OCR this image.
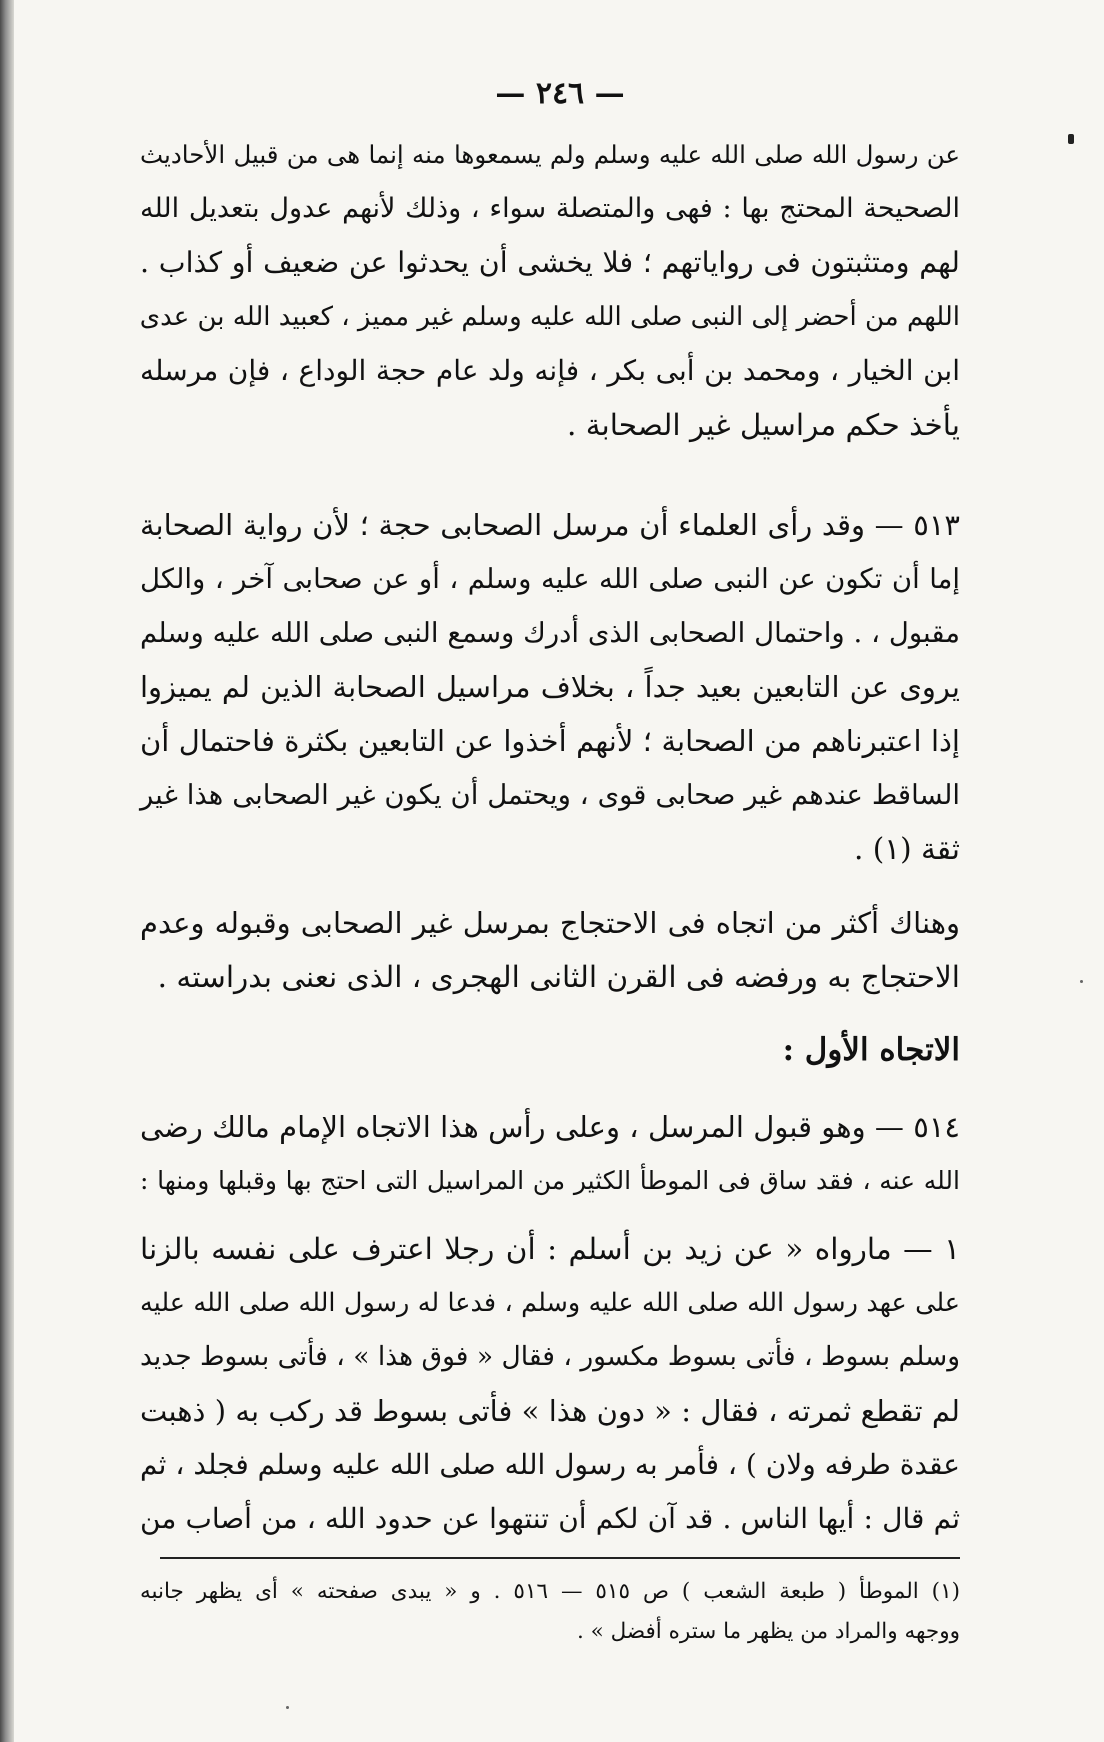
— ٢٤٦ —
عن رسول الله صلى الله عليه وسلم ولم يسمعوها منه إنما هى من قبيل الأحاديث
الصحيحة المحتج بها : فهى والمتصلة سواء ، وذلك لأنهم عدول بتعديل الله
لهم ومتثبتون فى رواياتهم ؛ فلا يخشى أن يحدثوا عن ضعيف أو كذاب .
اللهم من أحضر إلى النبى صلى الله عليه وسلم غير مميز ، كعبيد الله بن عدى
ابن الخيار ، ومحمد بن أبى بكر ، فإنه ولد عام حجة الوداع ، فإن مرسله
يأخذ حكم مراسيل غير الصحابة .
٥١٣ — وقد رأى العلماء أن مرسل الصحابى حجة ؛ لأن رواية الصحابة
إما أن تكون عن النبى صلى الله عليه وسلم ، أو عن صحابى آخر ، والكل
مقبول ، . واحتمال الصحابى الذى أدرك وسمع النبى صلى الله عليه وسلم
يروى عن التابعين بعيد جداً ، بخلاف مراسيل الصحابة الذين لم يميزوا
إذا اعتبرناهم من الصحابة ؛ لأنهم أخذوا عن التابعين بكثرة فاحتمال أن
الساقط عندهم غير صحابى قوى ، ويحتمل أن يكون غير الصحابى هذا غير
ثقة (١) .
وهناك أكثر من اتجاه فى الاحتجاج بمرسل غير الصحابى وقبوله وعدم
الاحتجاج به ورفضه فى القرن الثانى الهجرى ، الذى نعنى بدراسته .
الاتجاه الأول :
٥١٤ — وهو قبول المرسل ، وعلى رأس هذا الاتجاه الإمام مالك رضى
الله عنه ، فقد ساق فى الموطأ الكثير من المراسيل التى احتج بها وقبلها ومنها :
١ — مارواه « عن زيد بن أسلم : أن رجلا اعترف على نفسه بالزنا
على عهد رسول الله صلى الله عليه وسلم ، فدعا له رسول الله صلى الله عليه
وسلم بسوط ، فأتى بسوط مكسور ، فقال « فوق هذا » ، فأتى بسوط جديد
لم تقطع ثمرته ، فقال : « دون هذا » فأتى بسوط قد ركب به ( ذهبت
عقدة طرفه ولان ) ، فأمر به رسول الله صلى الله عليه وسلم فجلد ، ثم
ثم قال : أيها الناس . قد آن لكم أن تنتهوا عن حدود الله ، من أصاب من
(١) الموطأ ( طبعة الشعب ) ص ٥١٥ — ٥١٦ . و « يبدى صفحته » أى يظهر جانبه
ووجهه والمراد من يظهر ما ستره أفضل » .
